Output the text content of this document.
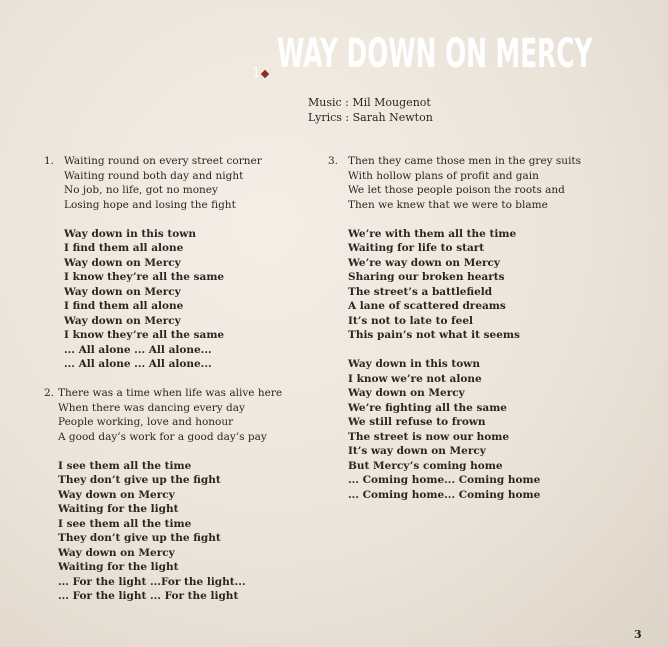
1 WAY DOWN ON MERCY
Music : Mil Mougenot
Lyrics : Sarah Newton
1. Waiting round on every street corner
Waiting round both day and night
No job, no life, got no money
Losing hope and losing the fight
Way down in this town
I find them all alone
Way down on Mercy
I know they’re all the same
Way down on Mercy
I find them all alone
Way down on Mercy
I know they’re all the same
... All alone ... All alone...
... All alone ... All alone...
2. There was a time when life was alive here
When there was dancing every day
People working, love and honour
A good day’s work for a good day’s pay
I see them all the time
They don’t give up the fight
Way down on Mercy
Waiting for the light
I see them all the time
They don’t give up the fight
Way down on Mercy
Waiting for the light
... For the light ...For the light...
... For the light ... For the light
3. Then they came those men in the grey suits
With hollow plans of profit and gain
We let those people poison the roots and
Then we knew that we were to blame
We’re with them all the time
Waiting for life to start
We’re way down on Mercy
Sharing our broken hearts
The street’s a battlefield
A lane of scattered dreams
It’s not to late to feel
This pain’s not what it seems
Way down in this town
I know we’re not alone
Way down on Mercy
We’re fighting all the same
We still refuse to frown
The street is now our home
It’s way down on Mercy
But Mercy’s coming home
... Coming home... Coming home
... Coming home... Coming home
3
